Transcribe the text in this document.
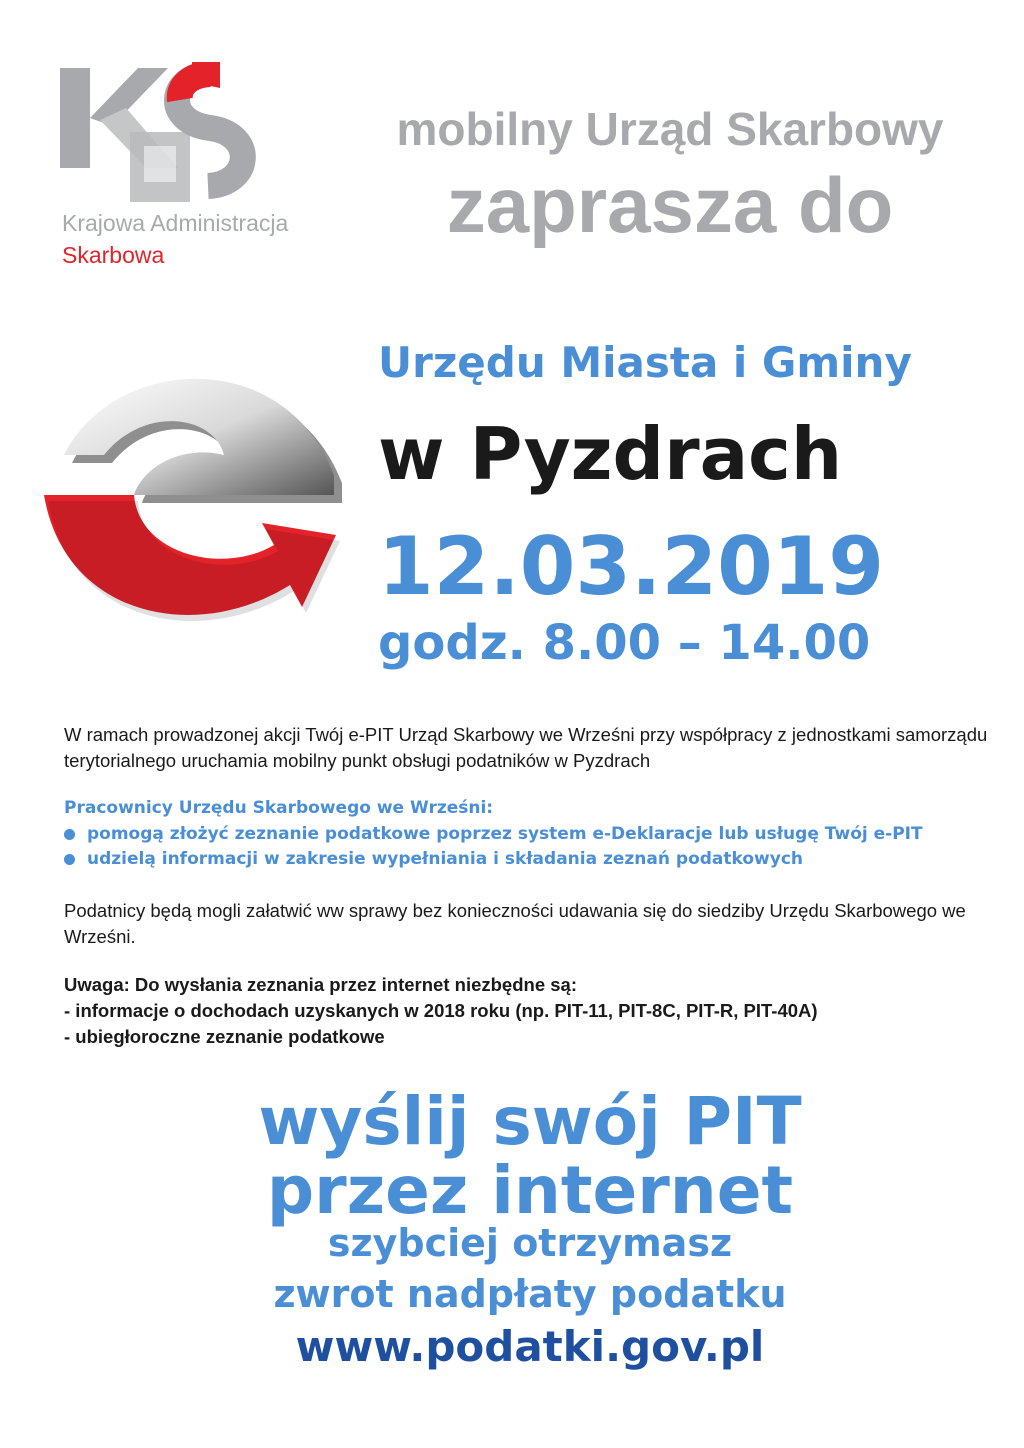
Krajowa Administracja
Skarbowa
mobilny Urząd Skarbowy
zaprasza do
Urzędu Miasta i Gminy
w Pyzdrach
12.03.2019
godz. 8.00 – 14.00
W ramach prowadzonej akcji Twój e-PIT Urząd Skarbowy we Wrześni przy współpracy z jednostkami samorządu terytorialnego uruchamia mobilny punkt obsługi podatników w Pyzdrach
Pracownicy Urzędu Skarbowego we Wrześni:
pomogą złożyć zeznanie podatkowe poprzez system e-Deklaracje lub usługę Twój e-PIT
udzielą informacji w zakresie wypełniania i składania zeznań podatkowych
Podatnicy będą mogli załatwić ww sprawy bez konieczności udawania się do siedziby Urzędu Skarbowego we Wrześni.
Uwaga: Do wysłania zeznania przez internet niezbędne są:
- informacje o dochodach uzyskanych w 2018 roku (np. PIT-11, PIT-8C, PIT-R, PIT-40A)
- ubiegłoroczne zeznanie podatkowe
wyślij swój PIT
przez internet
szybciej otrzymasz
zwrot nadpłaty podatku
www.podatki.gov.pl
